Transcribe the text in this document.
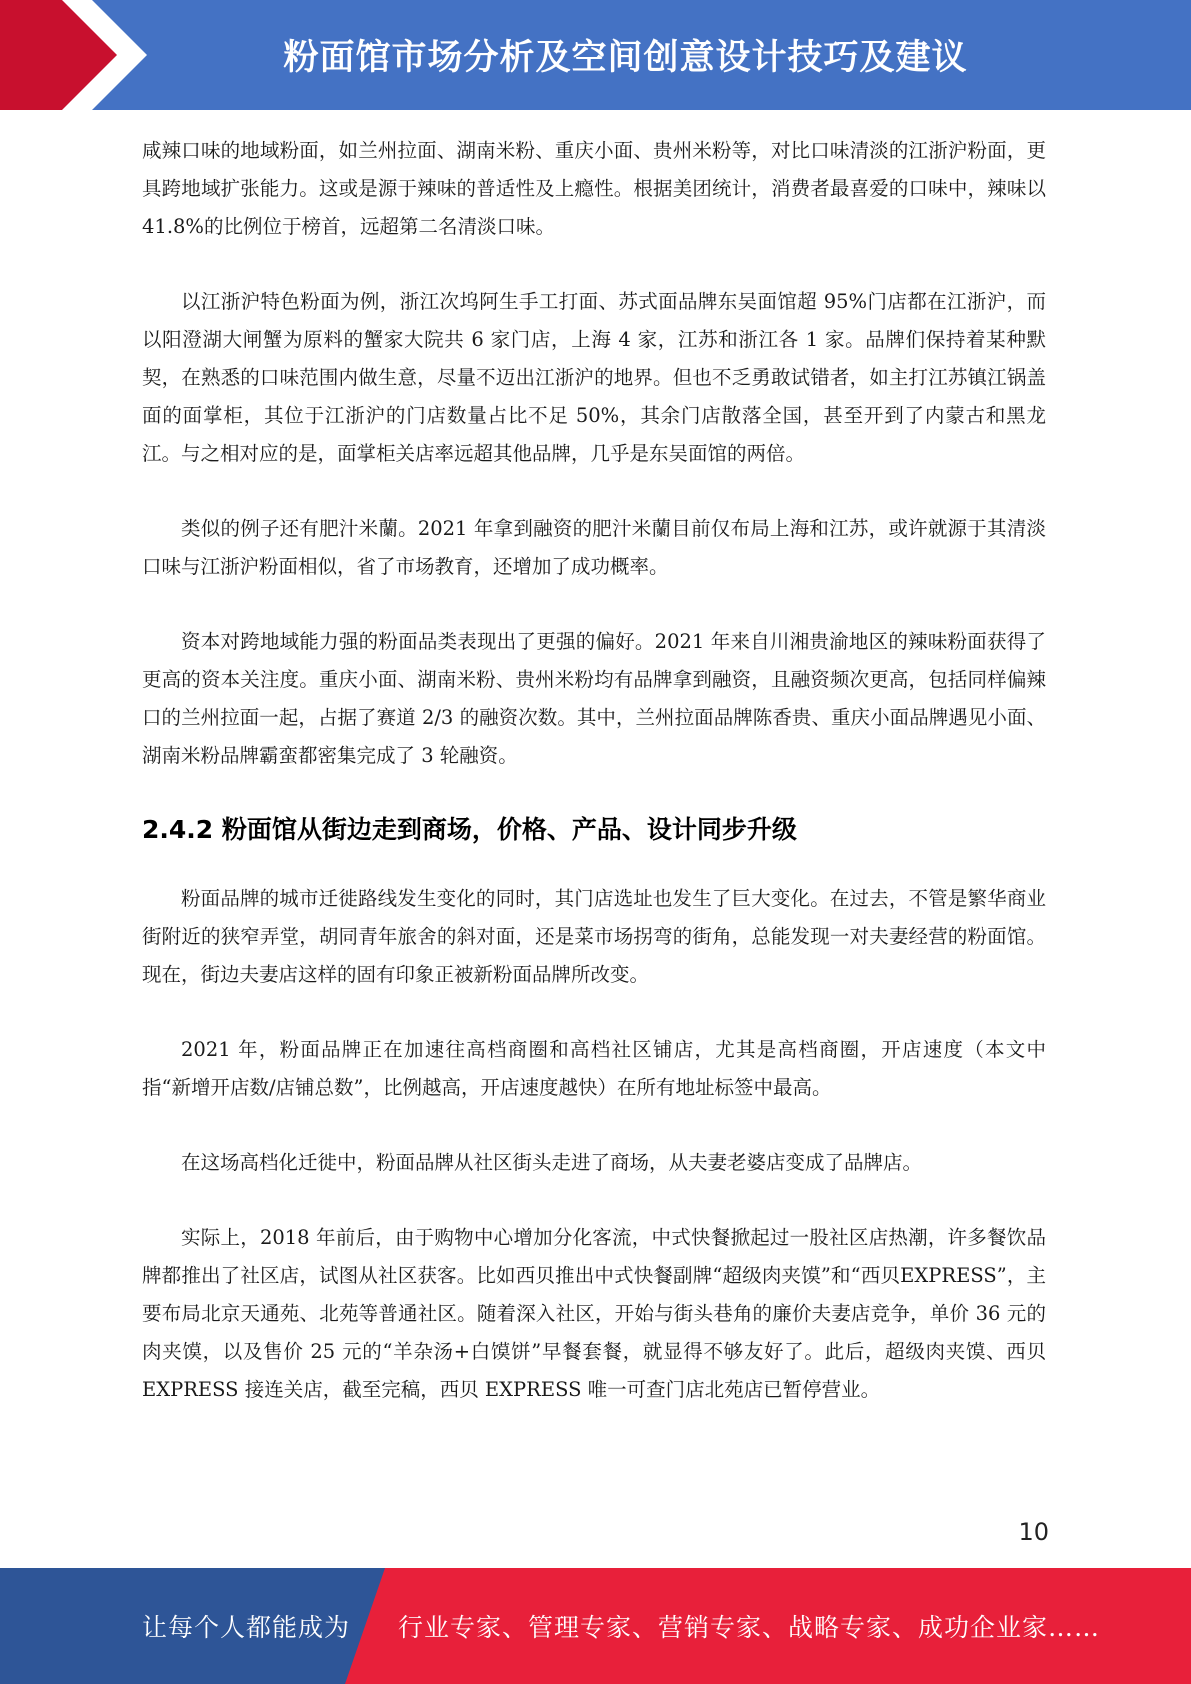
粉面馆市场分析及空间创意设计技巧及建议

咸辣口味的地域粉面，如兰州拉面、湖南米粉、重庆小面、贵州米粉等，对比口味清淡的江浙沪粉面，更具跨地域扩张能力。这或是源于辣味的普适性及上瘾性。根据美团统计，消费者最喜爱的口味中，辣味以 41.8%的比例位于榜首，远超第二名清淡口味。

以江浙沪特色粉面为例，浙江次坞阿生手工打面、苏式面品牌东吴面馆超 95%门店都在江浙沪，而以阳澄湖大闸蟹为原料的蟹家大院共 6 家门店，上海 4 家，江苏和浙江各 1 家。品牌们保持着某种默契，在熟悉的口味范围内做生意，尽量不迈出江浙沪的地界。但也不乏勇敢试错者，如主打江苏镇江锅盖面的面掌柜，其位于江浙沪的门店数量占比不足 50%，其余门店散落全国，甚至开到了内蒙古和黑龙江。与之相对应的是，面掌柜关店率远超其他品牌，几乎是东吴面馆的两倍。

类似的例子还有肥汁米蘭。2021 年拿到融资的肥汁米蘭目前仅布局上海和江苏，或许就源于其清淡口味与江浙沪粉面相似，省了市场教育，还增加了成功概率。

资本对跨地域能力强的粉面品类表现出了更强的偏好。2021 年来自川湘贵渝地区的辣味粉面获得了更高的资本关注度。重庆小面、湖南米粉、贵州米粉均有品牌拿到融资，且融资频次更高，包括同样偏辣口的兰州拉面一起，占据了赛道 2/3 的融资次数。其中，兰州拉面品牌陈香贵、重庆小面品牌遇见小面、湖南米粉品牌霸蛮都密集完成了 3 轮融资。

2.4.2 粉面馆从街边走到商场，价格、产品、设计同步升级

粉面品牌的城市迁徙路线发生变化的同时，其门店选址也发生了巨大变化。在过去，不管是繁华商业街附近的狭窄弄堂，胡同青年旅舍的斜对面，还是菜市场拐弯的街角，总能发现一对夫妻经营的粉面馆。现在，街边夫妻店这样的固有印象正被新粉面品牌所改变。

2021 年，粉面品牌正在加速往高档商圈和高档社区铺店，尤其是高档商圈，开店速度（本文中指“新增开店数/店铺总数”，比例越高，开店速度越快）在所有地址标签中最高。

在这场高档化迁徙中，粉面品牌从社区街头走进了商场，从夫妻老婆店变成了品牌店。

实际上，2018 年前后，由于购物中心增加分化客流，中式快餐掀起过一股社区店热潮，许多餐饮品牌都推出了社区店，试图从社区获客。比如西贝推出中式快餐副牌“超级肉夹馍”和“西贝EXPRESS”，主要布局北京天通苑、北苑等普通社区。随着深入社区，开始与街头巷角的廉价夫妻店竞争，单价 36 元的肉夹馍，以及售价 25 元的“羊杂汤+白馍饼”早餐套餐，就显得不够友好了。此后，超级肉夹馍、西贝 EXPRESS 接连关店，截至完稿，西贝 EXPRESS 唯一可查门店北苑店已暂停营业。

10
让每个人都能成为 行业专家、管理专家、营销专家、战略专家、成功企业家……
